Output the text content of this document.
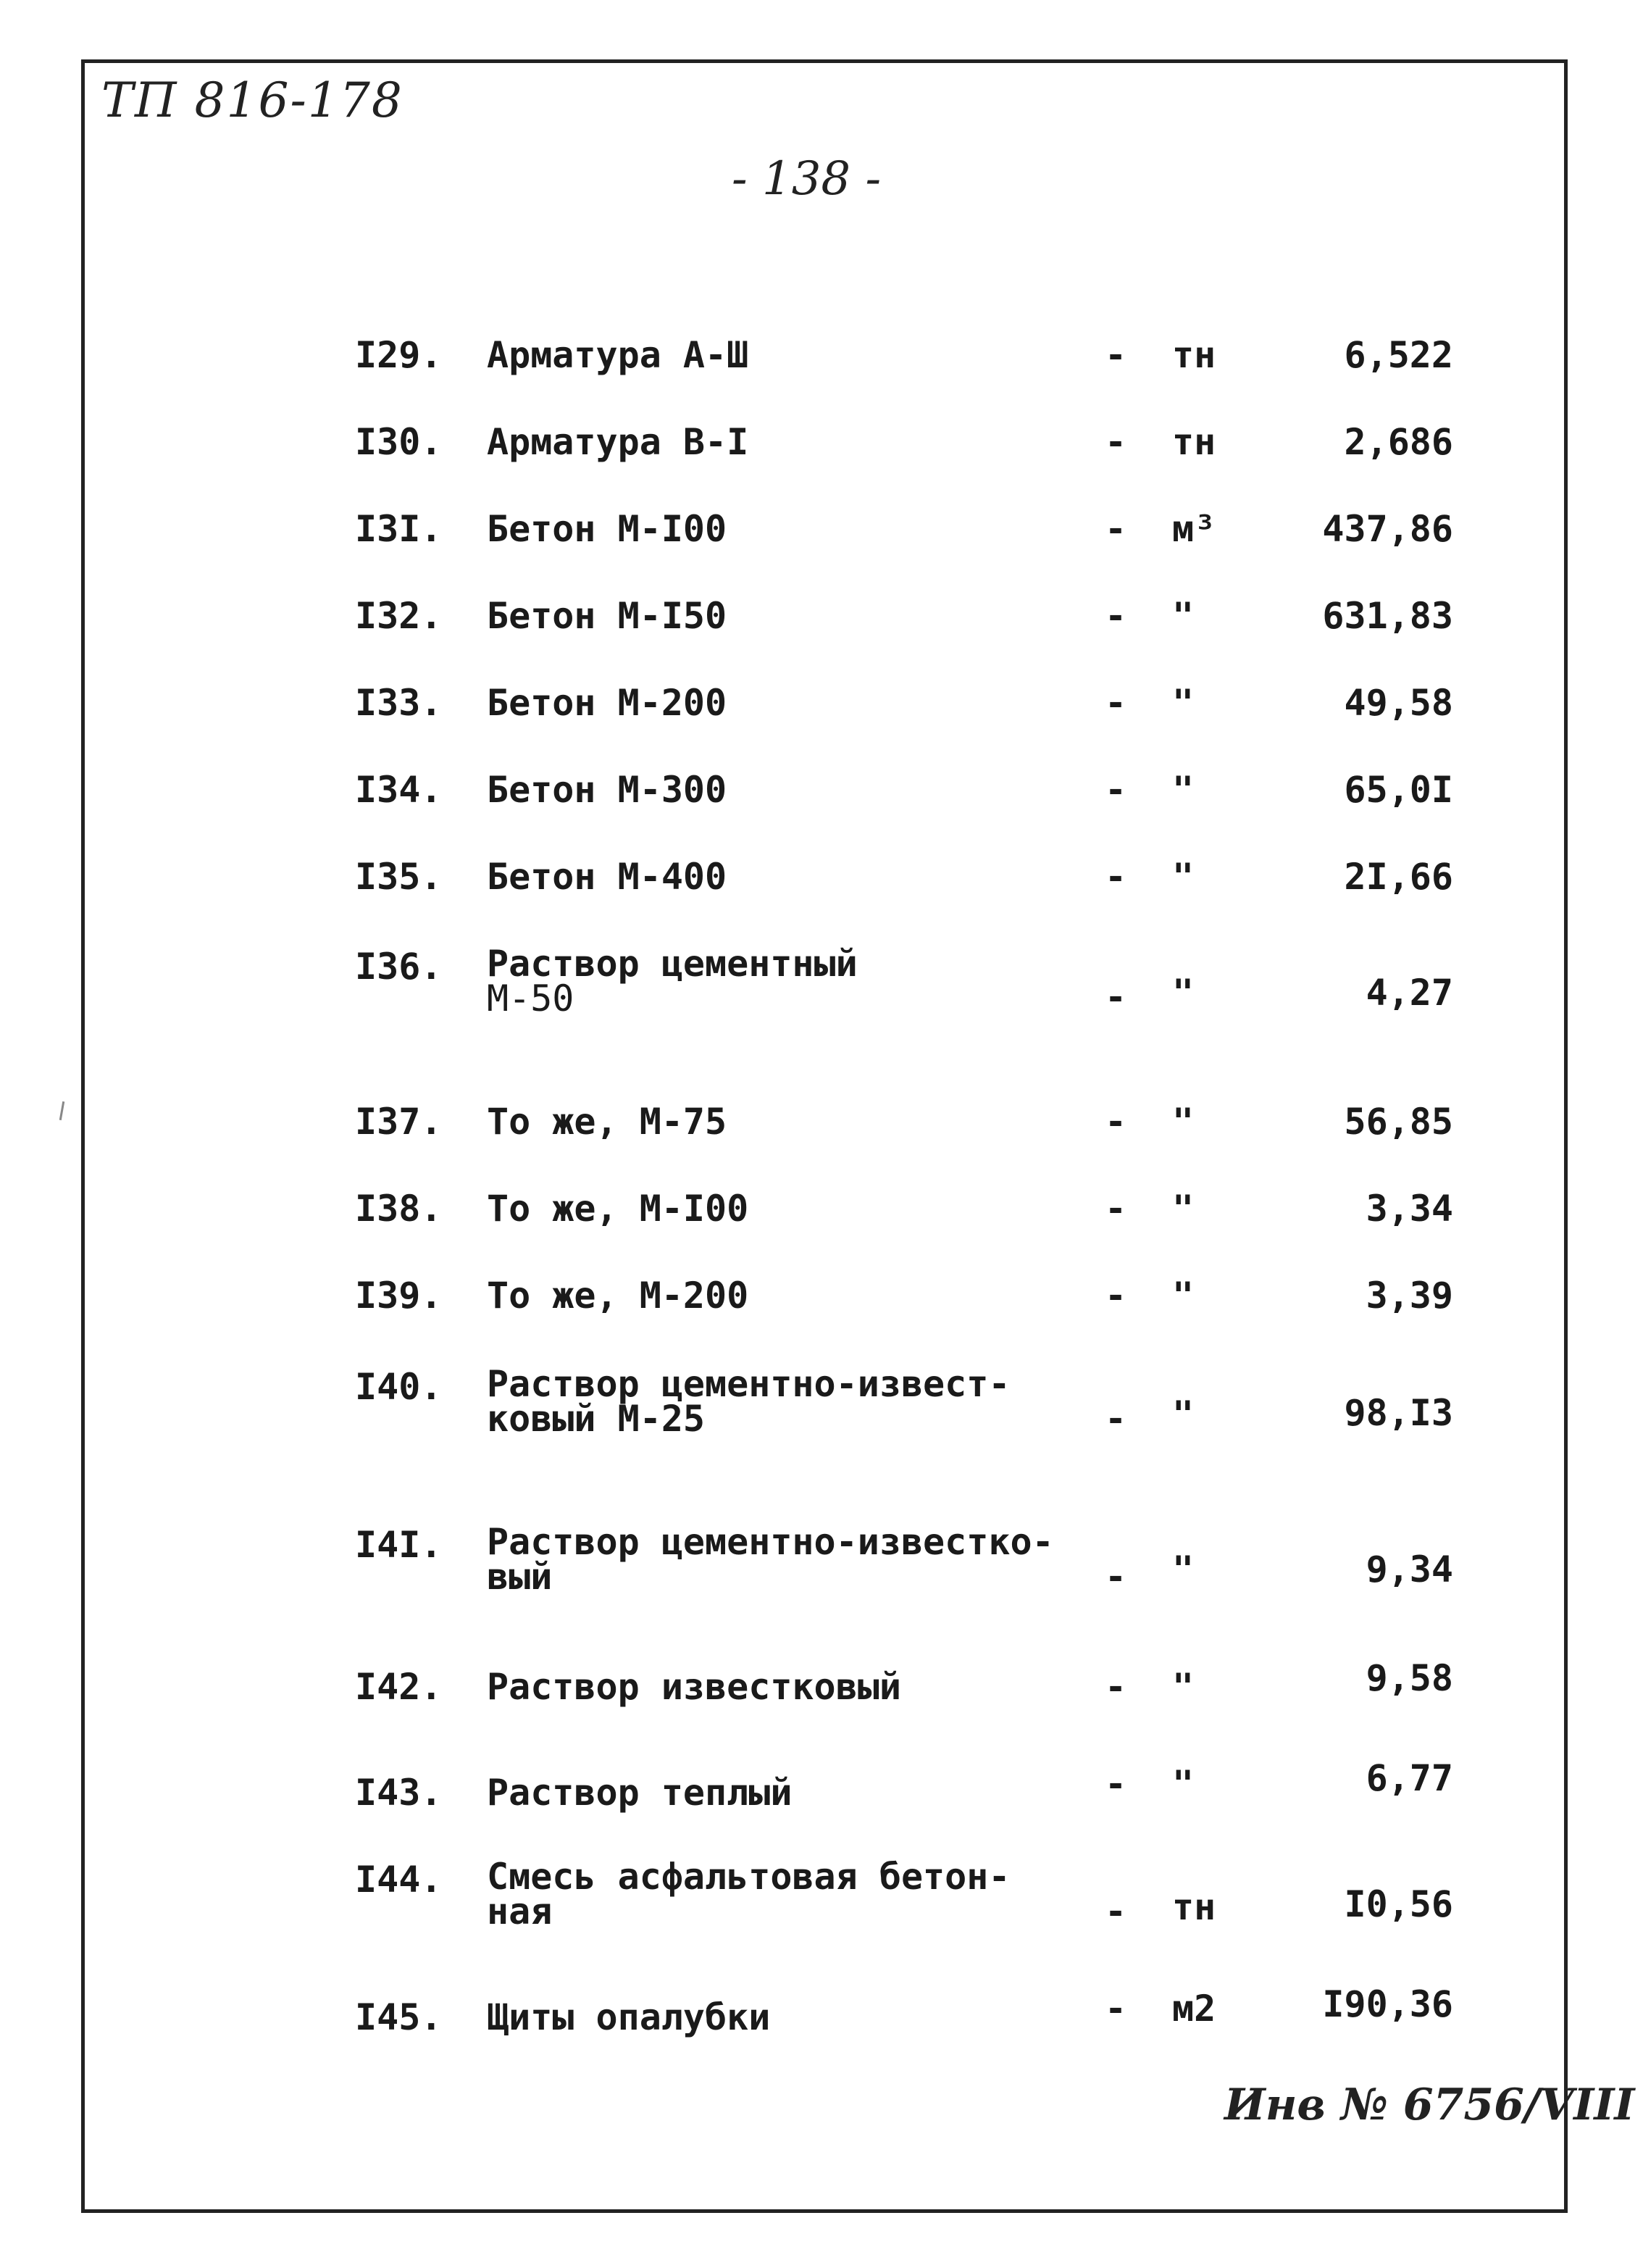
ТП 816-178
- 138 -
I29. Арматура А-Ш	- тн	6,522
I30. Арматура В-I	- тн	2,686
I3I. Бетон М-I00	- м³	437,86
I32. Бетон М-I50	- "	631,83
I33. Бетон М-200	- "	49,58
I34. Бетон М-300	- "	65,0I
I35. Бетон М-400	- "	2I,66
I36. Раствор цементный
М-50	- "	4,27
I37. То же, М-75	- "	56,85
I38. То же, М-I00	- "	3,34
I39. То же, М-200	- "	3,39
I40. Раствор цементно-извест-
ковый М-25	- "	98,I3
I4I. Раствор цементно-известко-
вый	- "	9,34
I42. Раствор известковый	- "	9,58
I43. Раствор теплый	- "	6,77
I44. Смесь асфальтовая бетон-
ная	- тн	I0,56
I45. Щиты опалубки	- м2	I90,36
Инв № 6756/VIII
